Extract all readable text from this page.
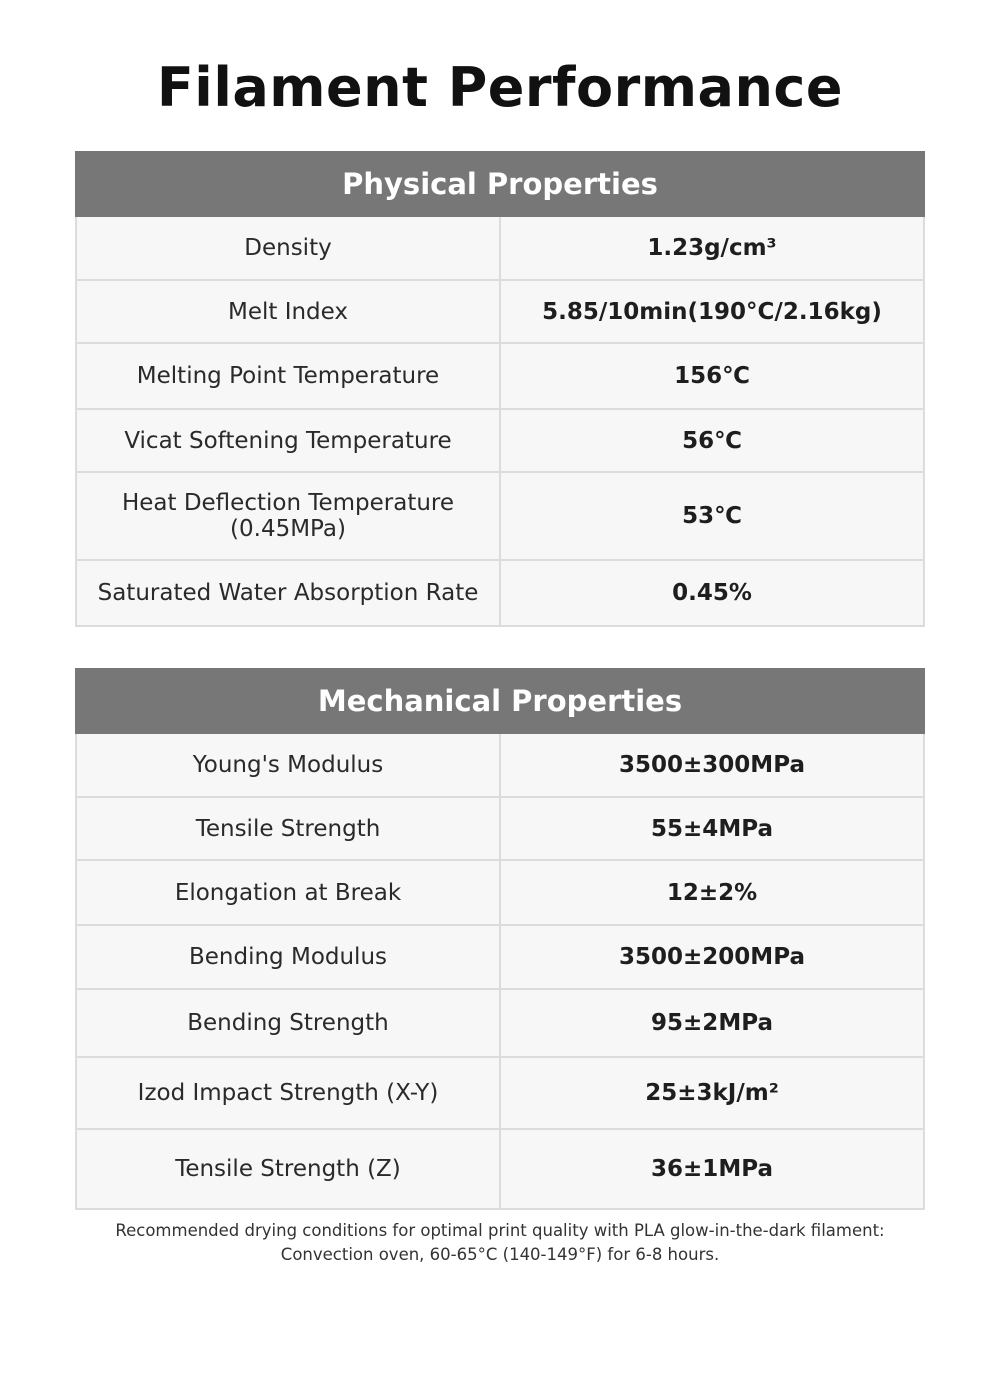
Filament Performance
Physical Properties	
Density	1.23g/cm³
Melt Index	5.85/10min(190°C/2.16kg)
Melting Point Temperature	156℃
Vicat Softening Temperature	56℃

Heat Deflection Temperature
(0.45MPa)	53℃
Saturated Water Absorption Rate	0.45%
Mechanical Properties	
Young's Modulus	3500±300MPa
Tensile Strength	55±4MPa
Elongation at Break	12±2%
Bending Modulus	3500±200MPa
Bending Strength	95±2MPa
Izod Impact Strength (X-Y)	25±3kJ/m²
Tensile Strength (Z)	36±1MPa
Recommended drying conditions for optimal print quality with PLA glow-in-the-dark filament:
Convection oven, 60-65°C (140-149°F) for 6-8 hours.
